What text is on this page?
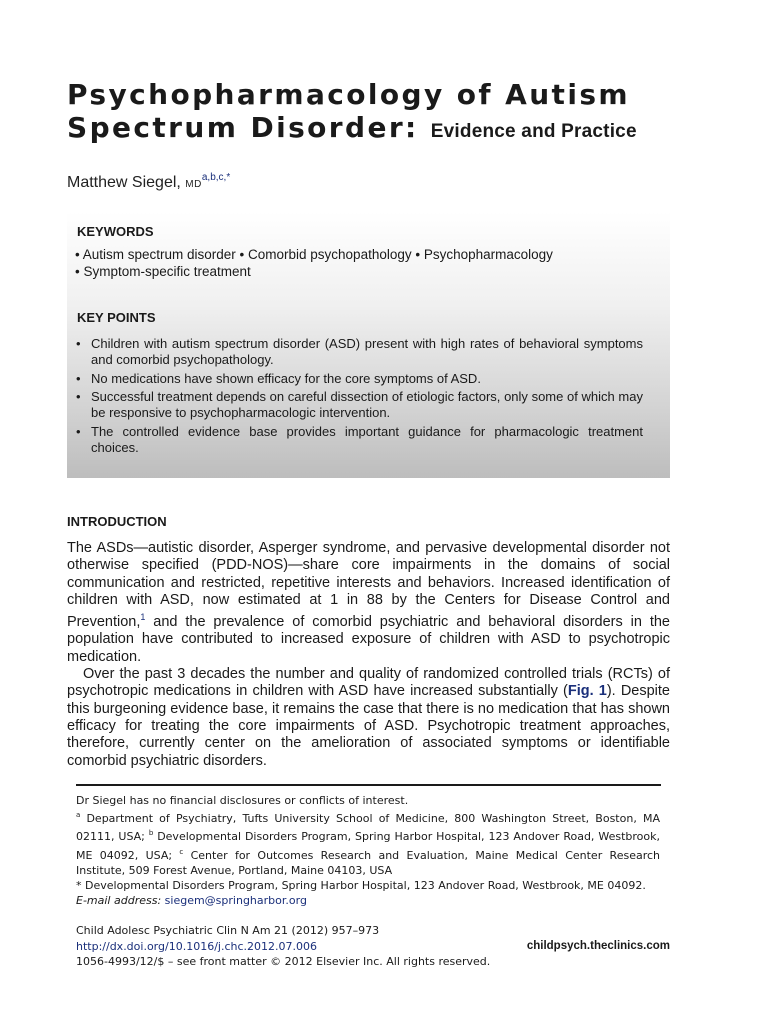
Psychopharmacology of Autism
Spectrum Disorder: Evidence and Practice
Matthew Siegel, $MD^{a,b,c,*}$
KEYWORDS
• Autism spectrum disorder • Comorbid psychopathology • Psychopharmacology
• Symptom-specific treatment
KEY POINTS
• Children with autism spectrum disorder (ASD) present with high rates of behavioral symptoms and comorbid psychopathology.
• No medications have shown efficacy for the core symptoms of ASD.
• Successful treatment depends on careful dissection of etiologic factors, only some of which may be responsive to psychopharmacologic intervention.
• The controlled evidence base provides important guidance for pharmacologic treatment choices.
INTRODUCTION

The ASDs—autistic disorder, Asperger syndrome, and pervasive developmental disorder not otherwise specified (PDD-NOS)—share core impairments in the domains of social communication and restricted, repetitive interests and behaviors. Increased identification of children with ASD, now estimated at 1 in 88 by the Centers for Disease Control and Prevention,$^1$ and the prevalence of comorbid psychiatric and behavioral disorders in the population have contributed to increased exposure of children with ASD to psychotropic medication.

Over the past 3 decades the number and quality of randomized controlled trials (RCTs) of psychotropic medications in children with ASD have increased substantially (Fig. 1). Despite this burgeoning evidence base, it remains the case that there is no medication that has shown efficacy for treating the core impairments of ASD. Psychotropic treatment approaches, therefore, currently center on the amelioration of associated symptoms or identifiable comorbid psychiatric disorders.

Dr Siegel has no financial disclosures or conflicts of interest.

$^a$ Department of Psychiatry, Tufts University School of Medicine, 800 Washington Street, Boston, MA 02111, USA; $^b$ Developmental Disorders Program, Spring Harbor Hospital, 123 Andover Road, Westbrook, ME 04092, USA; $^c$ Center for Outcomes Research and Evaluation, Maine Medical Center Research Institute, 509 Forest Avenue, Portland, Maine 04103, USA

* Developmental Disorders Program, Spring Harbor Hospital, 123 Andover Road, Westbrook, ME 04092.

E-mail address: siegem@springharbor.org

Child Adolesc Psychiatric Clin N Am 21 (2012) 957–973
http://dx.doi.org/10.1016/j.chc.2012.07.006	childpsych.theclinics.com
1056-4993/12/$ – see front matter © 2012 Elsevier Inc. All rights reserved.
